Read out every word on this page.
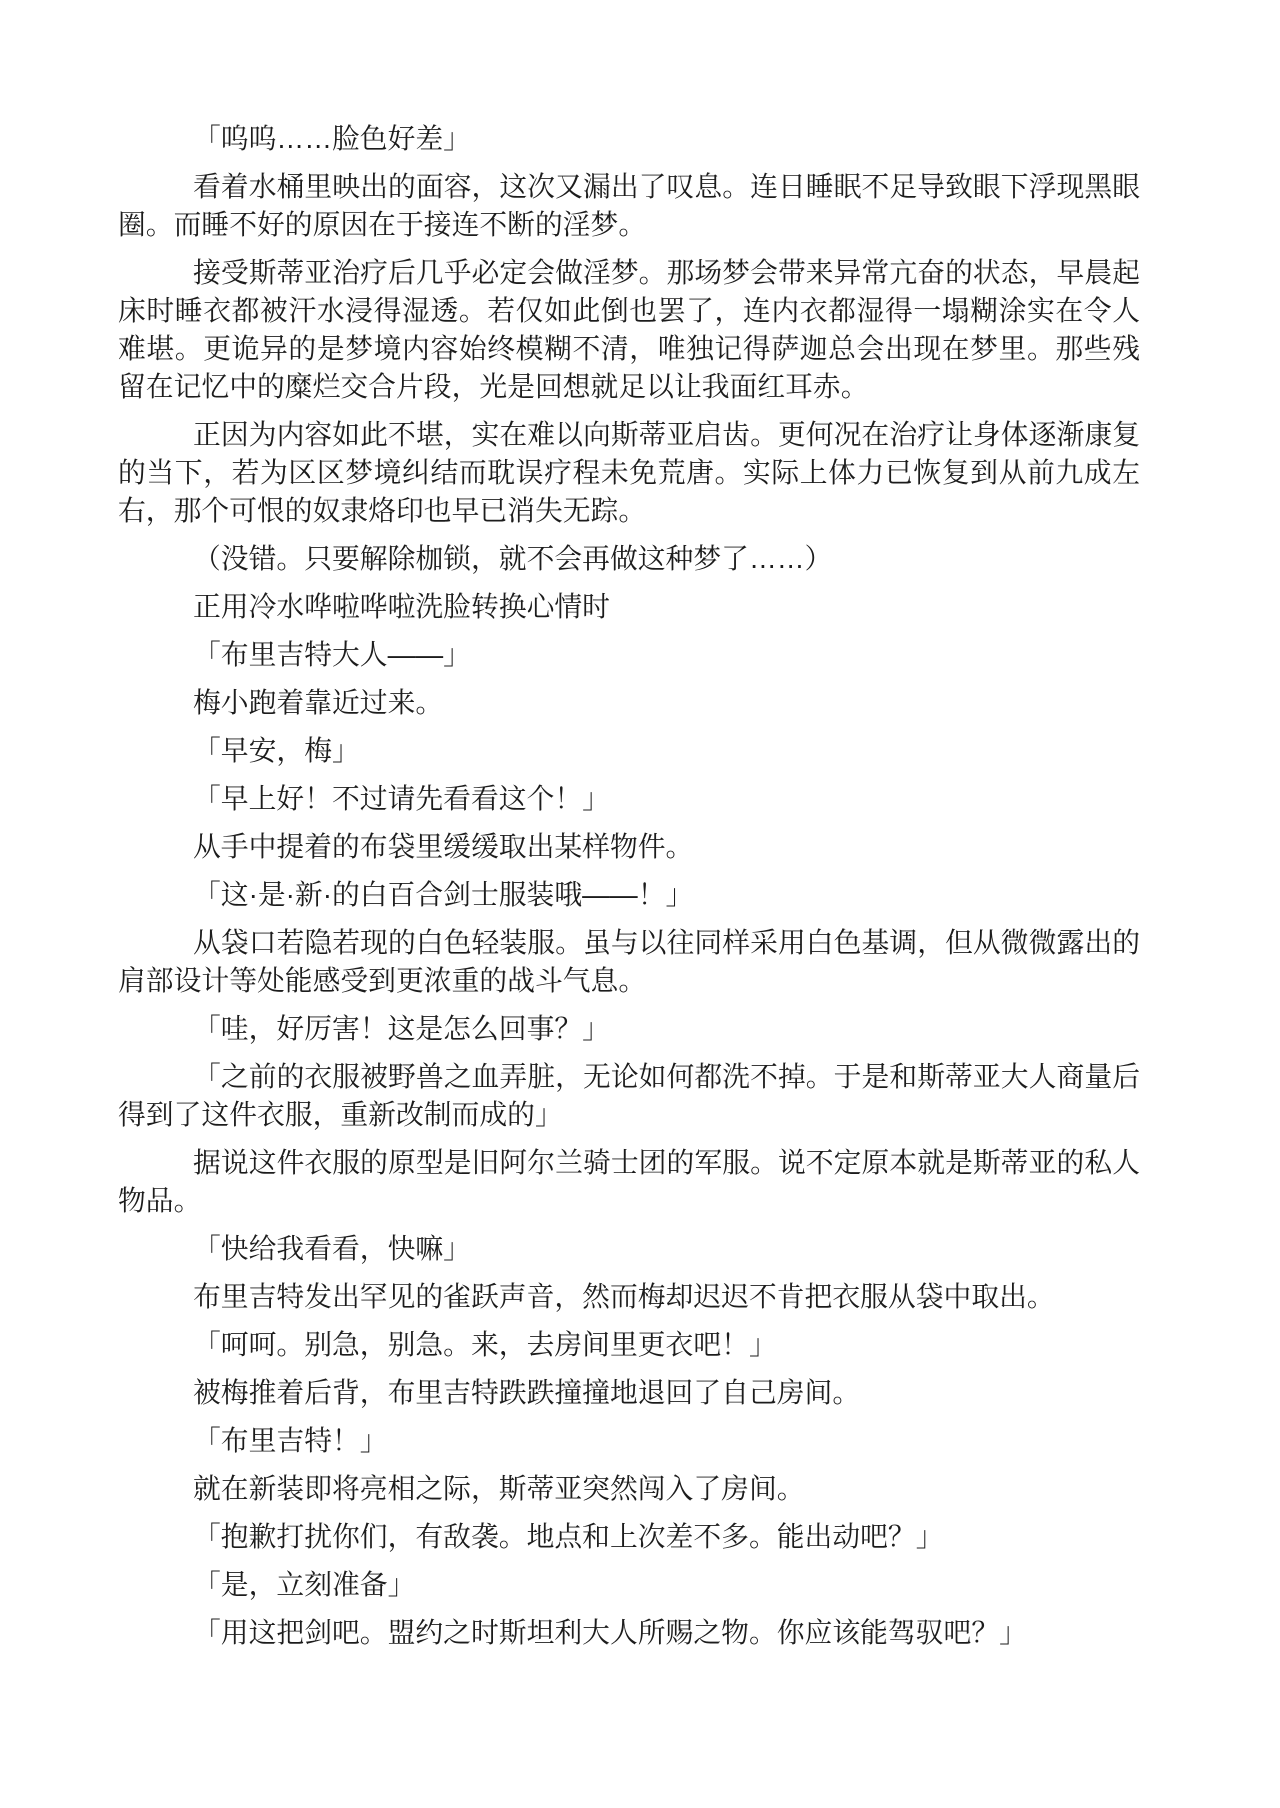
「呜呜……脸色好差」

看着水桶里映出的面容，这次又漏出了叹息。连日睡眠不足导致眼下浮现黑眼圈。而睡不好的原因在于接连不断的淫梦。

接受斯蒂亚治疗后几乎必定会做淫梦。那场梦会带来异常亢奋的状态，早晨起床时睡衣都被汗水浸得湿透。若仅如此倒也罢了，连内衣都湿得一塌糊涂实在令人难堪。更诡异的是梦境内容始终模糊不清，唯独记得萨迦总会出现在梦里。那些残留在记忆中的糜烂交合片段，光是回想就足以让我面红耳赤。

正因为内容如此不堪，实在难以向斯蒂亚启齿。更何况在治疗让身体逐渐康复的当下，若为区区梦境纠结而耽误疗程未免荒唐。实际上体力已恢复到从前九成左右，那个可恨的奴隶烙印也早已消失无踪。

（没错。只要解除枷锁，就不会再做这种梦了……）

正用冷水哗啦哗啦洗脸转换心情时

「布里吉特大人——」

梅小跑着靠近过来。

「早安，梅」

「早上好！不过请先看看这个！」

从手中提着的布袋里缓缓取出某样物件。

「这·是·新·的白百合剑士服装哦——！」

从袋口若隐若现的白色轻装服。虽与以往同样采用白色基调，但从微微露出的肩部设计等处能感受到更浓重的战斗气息。

「哇，好厉害！这是怎么回事？」

「之前的衣服被野兽之血弄脏，无论如何都洗不掉。于是和斯蒂亚大人商量后得到了这件衣服，重新改制而成的」

据说这件衣服的原型是旧阿尔兰骑士团的军服。说不定原本就是斯蒂亚的私人物品。

「快给我看看，快嘛」

布里吉特发出罕见的雀跃声音，然而梅却迟迟不肯把衣服从袋中取出。

「呵呵。别急，别急。来，去房间里更衣吧！」

被梅推着后背，布里吉特跌跌撞撞地退回了自己房间。

「布里吉特！」

就在新装即将亮相之际，斯蒂亚突然闯入了房间。

「抱歉打扰你们，有敌袭。地点和上次差不多。能出动吧？」

「是，立刻准备」

「用这把剑吧。盟约之时斯坦利大人所赐之物。你应该能驾驭吧？」
